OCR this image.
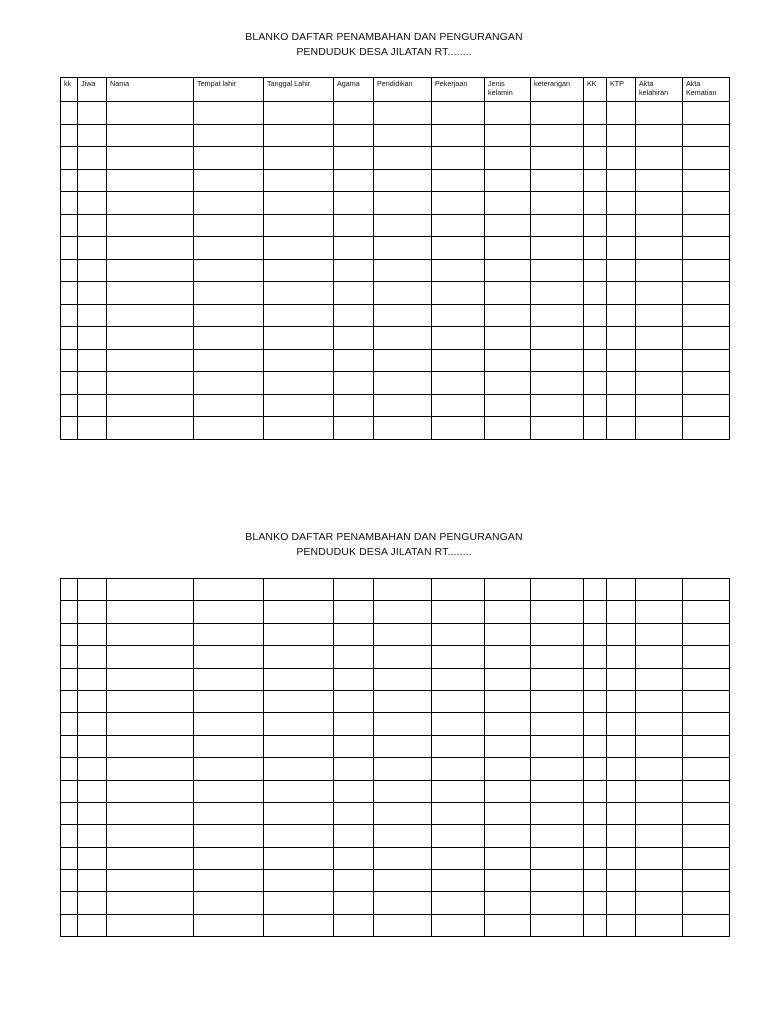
BLANKO DAFTAR PENAMBAHAN DAN PENGURANGAN
PENDUDUK DESA JILATAN RT........
kk	Jiwa	Nama	Tempat lahir	Tanggal Lahir	Agama	Pendidikan	Pekerjaan	Jenis kelamin	keterangan	KK	KTP	Akta kelahiran	Akta Kematian

BLANKO DAFTAR PENAMBAHAN DAN PENGURANGAN
PENDUDUK DESA JILATAN RT........
